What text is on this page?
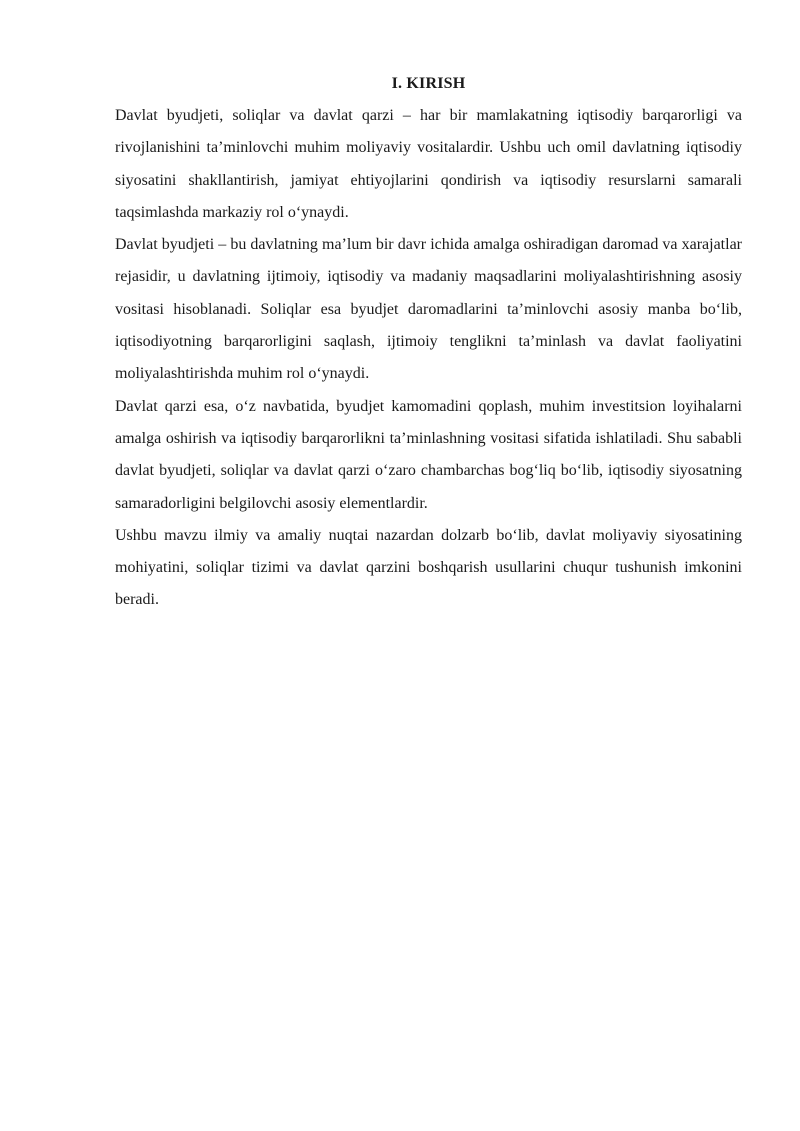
I. KIRISH

Davlat byudjeti, soliqlar va davlat qarzi – har bir mamlakatning iqtisodiy barqarorligi va rivojlanishini ta’minlovchi muhim moliyaviy vositalardir. Ushbu uch omil davlatning iqtisodiy siyosatini shakllantirish, jamiyat ehtiyojlarini qondirish va iqtisodiy resurslarni samarali taqsimlashda markaziy rol o‘ynaydi.

Davlat byudjeti – bu davlatning ma’lum bir davr ichida amalga oshiradigan daromad va xarajatlar rejasidir, u davlatning ijtimoiy, iqtisodiy va madaniy maqsadlarini moliyalashtirishning asosiy vositasi hisoblanadi. Soliqlar esa byudjet daromadlarini ta’minlovchi asosiy manba bo‘lib, iqtisodiyotning barqarorligini saqlash, ijtimoiy tenglikni ta’minlash va davlat faoliyatini moliyalashtirishda muhim rol o‘ynaydi.

Davlat qarzi esa, o‘z navbatida, byudjet kamomadini qoplash, muhim investitsion loyihalarni amalga oshirish va iqtisodiy barqarorlikni ta’minlashning vositasi sifatida ishlatiladi. Shu sababli davlat byudjeti, soliqlar va davlat qarzi o‘zaro chambarchas bog‘liq bo‘lib, iqtisodiy siyosatning samaradorligini belgilovchi asosiy elementlardir.

Ushbu mavzu ilmiy va amaliy nuqtai nazardan dolzarb bo‘lib, davlat moliyaviy siyosatining mohiyatini, soliqlar tizimi va davlat qarzini boshqarish usullarini chuqur tushunish imkonini beradi.
